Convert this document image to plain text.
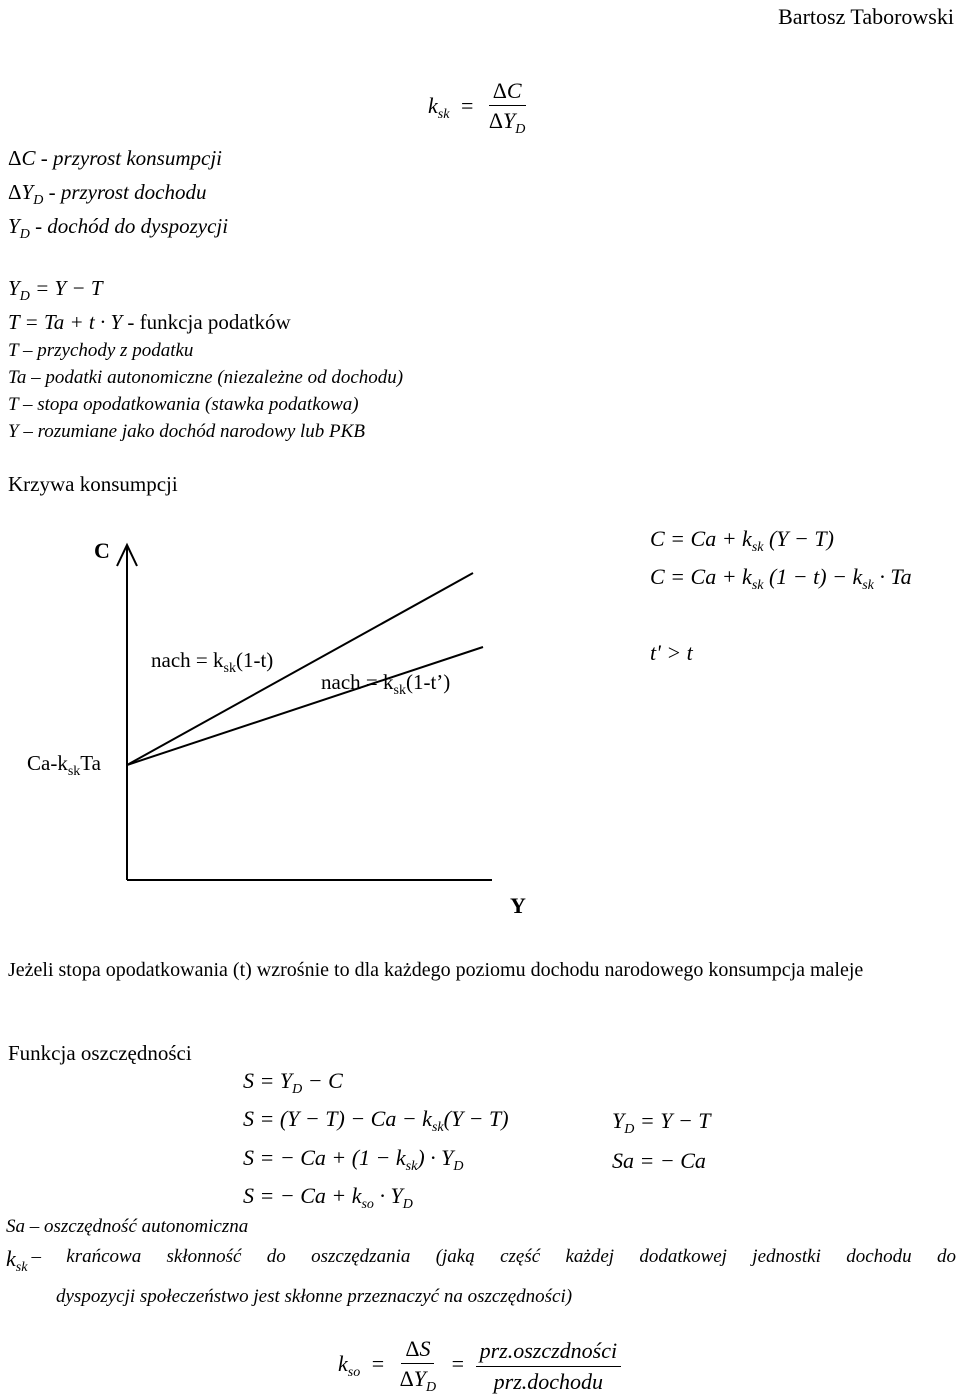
Bartosz Taborowski
$k_{sk} = \frac{\Delta C}{\Delta Y_D}$
ΔC - przyrost konsumpcji
$\Delta Y_D$ - przyrost dochodu
$Y_D$ - dochód do dyspozycji
$Y_D = Y - T$
T = Ta + t · Y - funkcja podatków
T – przychody z podatku
Ta – podatki autonomiczne (niezależne od dochodu)
T – stopa opodatkowania (stawka podatkowa)
Y – rozumiane jako dochód narodowy lub PKB
Krzywa konsumpcji
C
Y
$Ca-k_{sk}Ta$
nach = $k_{sk}(1-t)$
nach = $k_{sk}(1-t’)$
$C = Ca + k_{sk}$ (Y − T)
$C = Ca + k_{sk}$ $(1 - t) - k_{sk} \cdot Ta$
t' > t
Jeżeli stopa opodatkowania (t) wzrośnie to dla każdego poziomu dochodu narodowego konsumpcja maleje
Funkcja oszczędności
$S = Y_D - C$
$S = (Y - T) - Ca - k_{sk}(Y - T)$
S = − $Ca + (1 - k_{sk}) \cdot Y_D$
S = − $Ca + k_{so} \cdot Y_D$
$Y_D = Y - T$
Sa = − Ca
Sa – oszczędność autonomiczna
$k_{sk}$
– krańcowa skłonność do oszczędzania (jaką część każdej dodatkowej jednostki dochodu do
dyspozycji społeczeństwo jest skłonne przeznaczyć na oszczędności)
$k_{so} = \frac{\Delta S}{\Delta Y_D} = \frac{\text{prz.oszczdności}}{\text{prz.dochodu}}$
